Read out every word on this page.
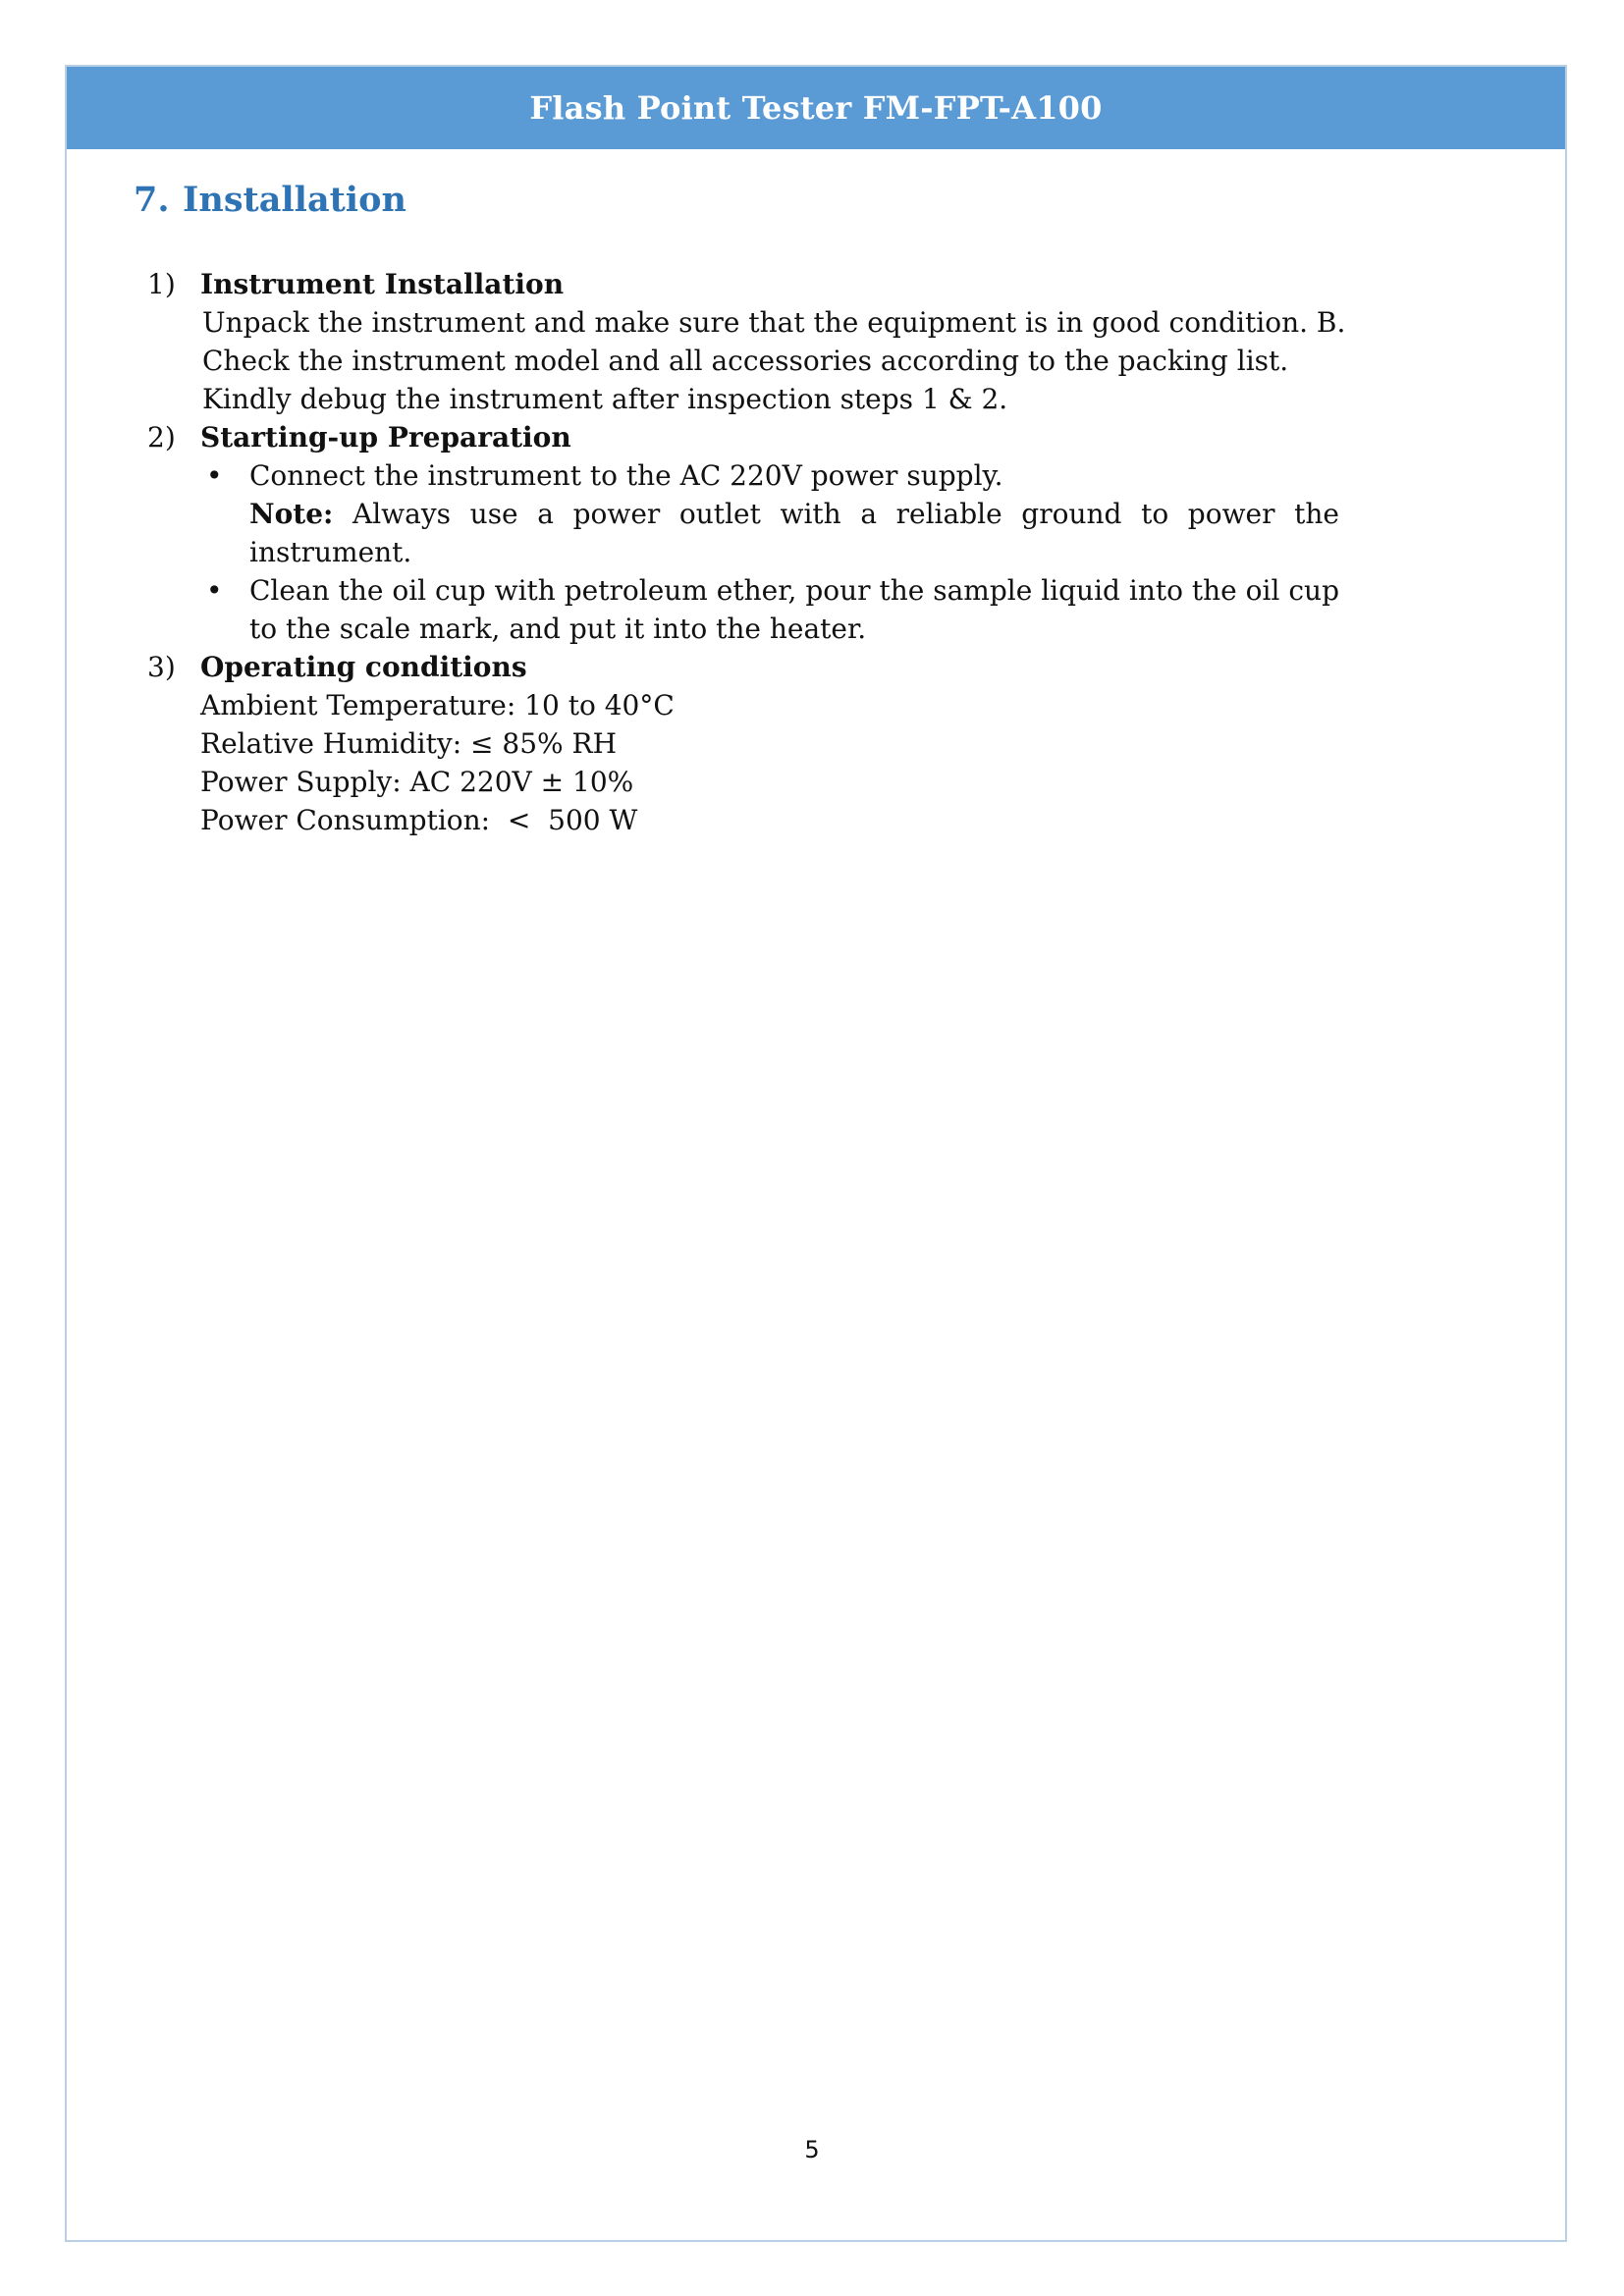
Flash Point Tester FM-FPT-A100
7. Installation
1) Instrument Installation
Unpack the instrument and make sure that the equipment is in good condition. B.
Check the instrument model and all accessories according to the packing list.
Kindly debug the instrument after inspection steps 1 & 2.
2) Starting-up Preparation
• Connect the instrument to the AC 220V power supply.
Note: Always use a power outlet with a reliable ground to power the instrument.
• Clean the oil cup with petroleum ether, pour the sample liquid into the oil cup to the scale mark, and put it into the heater.
3) Operating conditions
Ambient Temperature: 10 to 40°C
Relative Humidity: ≤ 85% RH
Power Supply: AC 220V ± 10%
Power Consumption:  <  500 W
5
